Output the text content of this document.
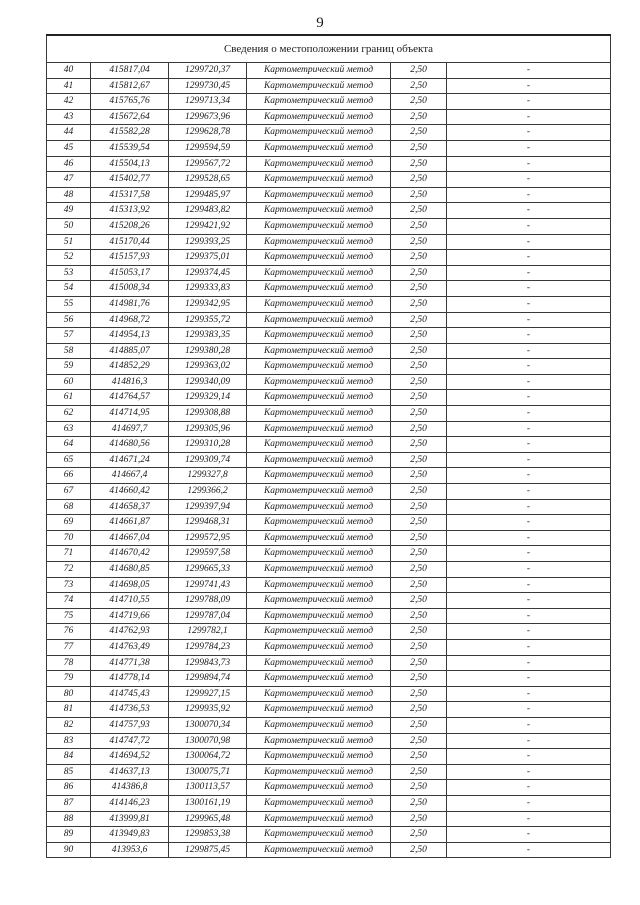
9
Сведения о местоположении границ объекта					
40	415817,04	1299720,37	Картометрический метод	2,50	-
41	415812,67	1299730,45	Картометрический метод	2,50	-
42	415765,76	1299713,34	Картометрический метод	2,50	-
43	415672,64	1299673,96	Картометрический метод	2,50	-
44	415582,28	1299628,78	Картометрический метод	2,50	-
45	415539,54	1299594,59	Картометрический метод	2,50	-
46	415504,13	1299567,72	Картометрический метод	2,50	-
47	415402,77	1299528,65	Картометрический метод	2,50	-
48	415317,58	1299485,97	Картометрический метод	2,50	-
49	415313,92	1299483,82	Картометрический метод	2,50	-
50	415208,26	1299421,92	Картометрический метод	2,50	-
51	415170,44	1299393,25	Картометрический метод	2,50	-
52	415157,93	1299375,01	Картометрический метод	2,50	-
53	415053,17	1299374,45	Картометрический метод	2,50	-
54	415008,34	1299333,83	Картометрический метод	2,50	-
55	414981,76	1299342,95	Картометрический метод	2,50	-
56	414968,72	1299355,72	Картометрический метод	2,50	-
57	414954,13	1299383,35	Картометрический метод	2,50	-
58	414885,07	1299380,28	Картометрический метод	2,50	-
59	414852,29	1299363,02	Картометрический метод	2,50	-
60	414816,3	1299340,09	Картометрический метод	2,50	-
61	414764,57	1299329,14	Картометрический метод	2,50	-
62	414714,95	1299308,88	Картометрический метод	2,50	-
63	414697,7	1299305,96	Картометрический метод	2,50	-
64	414680,56	1299310,28	Картометрический метод	2,50	-
65	414671,24	1299309,74	Картометрический метод	2,50	-
66	414667,4	1299327,8	Картометрический метод	2,50	-
67	414660,42	1299366,2	Картометрический метод	2,50	-
68	414658,37	1299397,94	Картометрический метод	2,50	-
69	414661,87	1299468,31	Картометрический метод	2,50	-
70	414667,04	1299572,95	Картометрический метод	2,50	-
71	414670,42	1299597,58	Картометрический метод	2,50	-
72	414680,85	1299665,33	Картометрический метод	2,50	-
73	414698,05	1299741,43	Картометрический метод	2,50	-
74	414710,55	1299788,09	Картометрический метод	2,50	-
75	414719,66	1299787,04	Картометрический метод	2,50	-
76	414762,93	1299782,1	Картометрический метод	2,50	-
77	414763,49	1299784,23	Картометрический метод	2,50	-
78	414771,38	1299843,73	Картометрический метод	2,50	-
79	414778,14	1299894,74	Картометрический метод	2,50	-
80	414745,43	1299927,15	Картометрический метод	2,50	-
81	414736,53	1299935,92	Картометрический метод	2,50	-
82	414757,93	1300070,34	Картометрический метод	2,50	-
83	414747,72	1300070,98	Картометрический метод	2,50	-
84	414694,52	1300064,72	Картометрический метод	2,50	-
85	414637,13	1300075,71	Картометрический метод	2,50	-
86	414386,8	1300113,57	Картометрический метод	2,50	-
87	414146,23	1300161,19	Картометрический метод	2,50	-
88	413999,81	1299965,48	Картометрический метод	2,50	-
89	413949,83	1299853,38	Картометрический метод	2,50	-
90	413953,6	1299875,45	Картометрический метод	2,50	-
